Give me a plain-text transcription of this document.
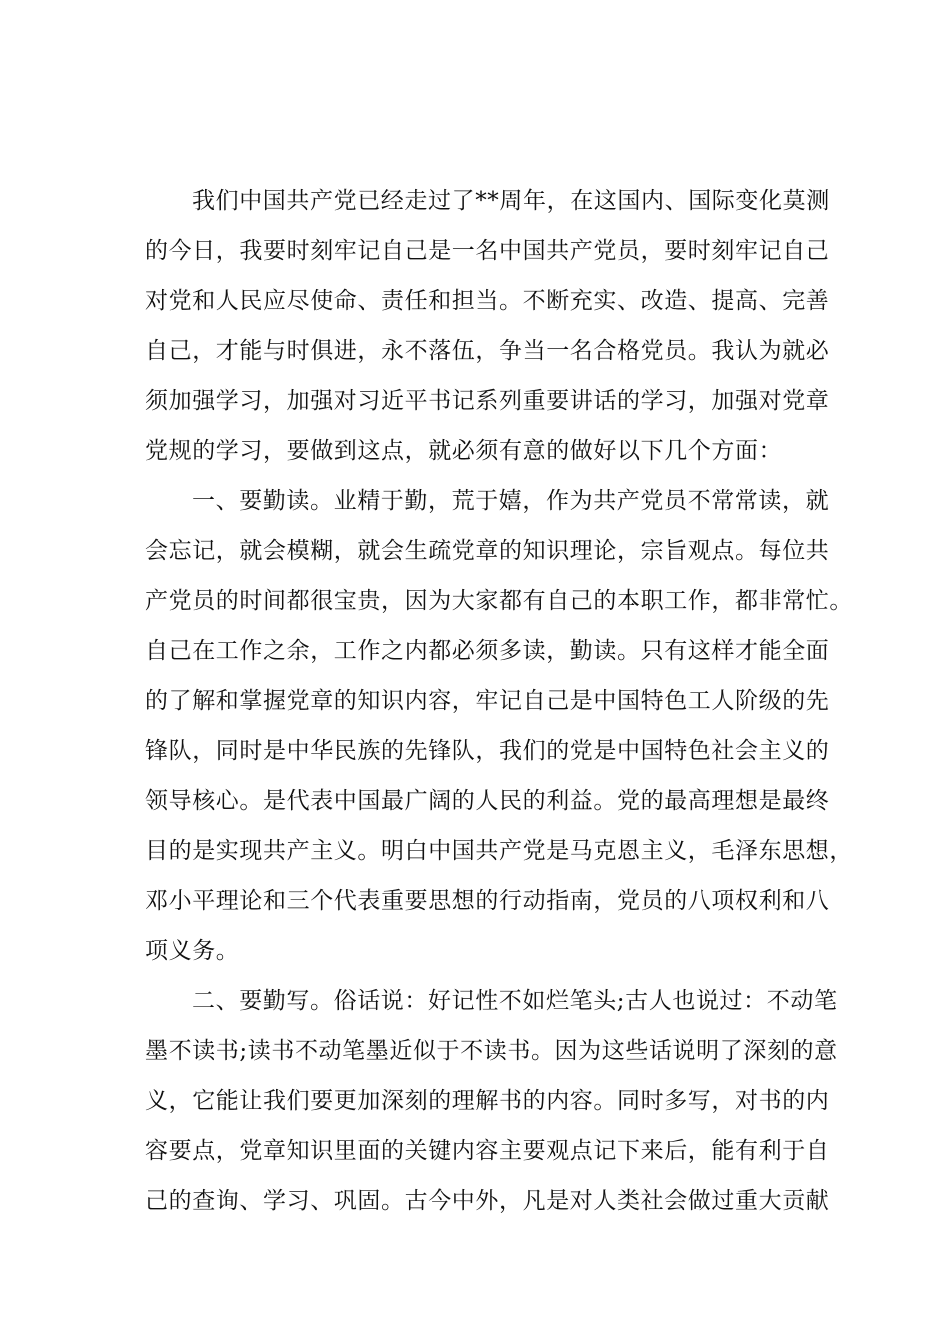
我们中国共产党已经走过了**周年，在这国内、国际变化莫测
的今日，我要时刻牢记自己是一名中国共产党员，要时刻牢记自己
对党和人民应尽使命、责任和担当。不断充实、改造、提高、完善
自己，才能与时俱进，永不落伍，争当一名合格党员。我认为就必
须加强学习，加强对习近平书记系列重要讲话的学习，加强对党章
党规的学习，要做到这点，就必须有意的做好以下几个方面：
一、要勤读。业精于勤，荒于嬉，作为共产党员不常常读，就
会忘记，就会模糊，就会生疏党章的知识理论，宗旨观点。每位共
产党员的时间都很宝贵，因为大家都有自己的本职工作，都非常忙。
自己在工作之余，工作之内都必须多读，勤读。只有这样才能全面
的了解和掌握党章的知识内容，牢记自己是中国特色工人阶级的先
锋队，同时是中华民族的先锋队，我们的党是中国特色社会主义的
领导核心。是代表中国最广阔的人民的利益。党的最高理想是最终
目的是实现共产主义。明白中国共产党是马克恩主义，毛泽东思想，
邓小平理论和三个代表重要思想的行动指南，党员的八项权利和八
项义务。
二、要勤写。俗话说：好记性不如烂笔头;古人也说过：不动笔
墨不读书;读书不动笔墨近似于不读书。因为这些话说明了深刻的意
义，它能让我们要更加深刻的理解书的内容。同时多写，对书的内
容要点，党章知识里面的关键内容主要观点记下来后，能有利于自
己的查询、学习、巩固。古今中外，凡是对人类社会做过重大贡献
